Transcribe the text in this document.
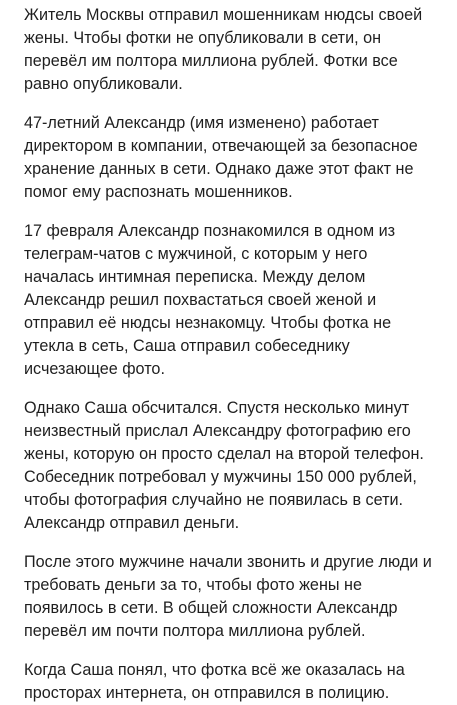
Житель Москвы отправил мошенникам нюдсы своей жены. Чтобы фотки не опубликовали в сети, он перевёл им полтора миллиона рублей. Фотки все равно опубликовали.

47-летний Александр (имя изменено) работает директором в компании, отвечающей за безопасное хранение данных в сети. Однако даже этот факт не помог ему распознать мошенников.

17 февраля Александр познакомился в одном из телеграм-чатов с мужчиной, с которым у него началась интимная переписка. Между делом Александр решил похвастаться своей женой и отправил её нюдсы незнакомцу. Чтобы фотка не утекла в сеть, Саша отправил собеседнику исчезающее фото.

Однако Саша обсчитался. Спустя несколько минут неизвестный прислал Александру фотографию его жены, которую он просто сделал на второй телефон. Собеседник потребовал у мужчины 150 000 рублей, чтобы фотография случайно не появилась в сети. Александр отправил деньги.

После этого мужчине начали звонить и другие люди и требовать деньги за то, чтобы фото жены не появилось в сети. В общей сложности Александр перевёл им почти полтора миллиона рублей.

Когда Саша понял, что фотка всё же оказалась на просторах интернета, он отправился в полицию.
